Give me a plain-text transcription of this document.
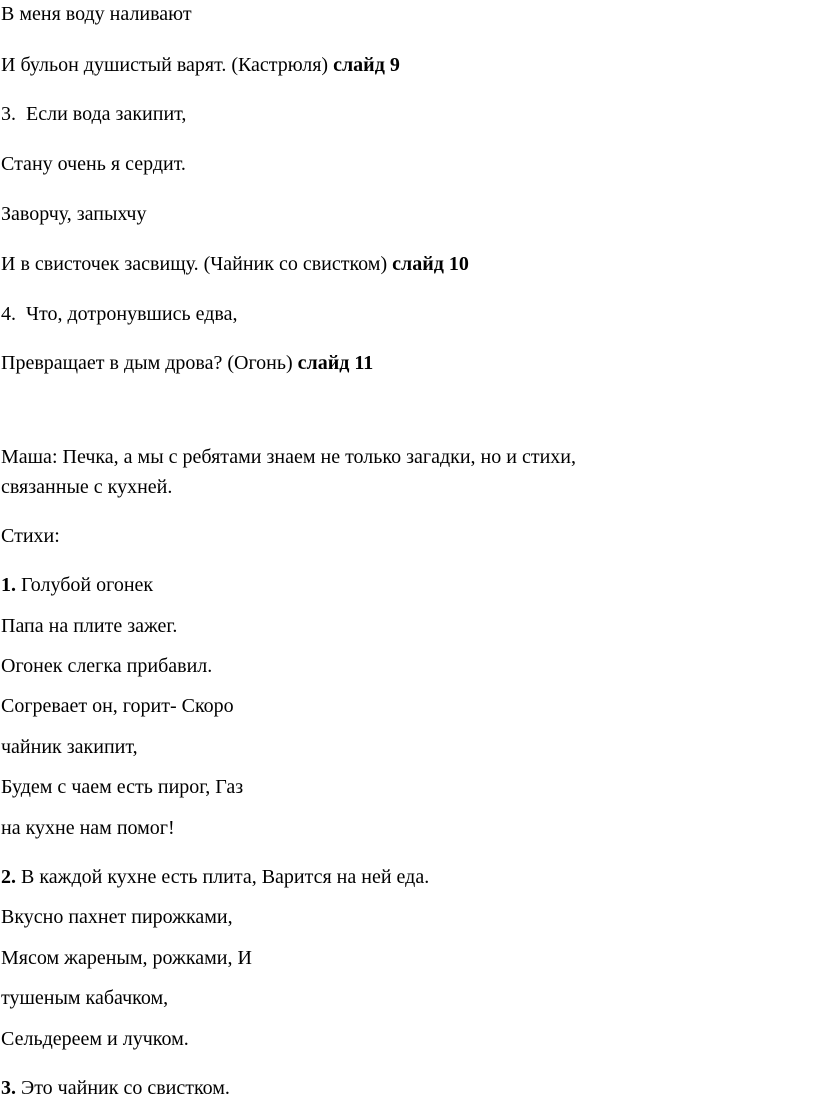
В меня воду наливают
И бульон душистый варят. (Кастрюля) слайд 9
3.  Если вода закипит,
Стану очень я сердит.
Заворчу, запыхчу
И в свисточек засвищу. (Чайник со свистком) слайд 10
4.  Что, дотронувшись едва,
Превращает в дым дрова? (Огонь) слайд 11
Маша: Печка, а мы с ребятами знаем не только загадки, но и стихи,
связанные с кухней.
Стихи:
1. Голубой огонек
Папа на плите зажег.
Огонек слегка прибавил.
Согревает он, горит- Скоро
чайник закипит,
Будем с чаем есть пирог, Газ
на кухне нам помог!
2. В каждой кухне есть плита, Варится на ней еда.
Вкусно пахнет пирожками,
Мясом жареным, рожками, И
тушеным кабачком,
Сельдереем и лучком.
3. Это чайник со свистком.
